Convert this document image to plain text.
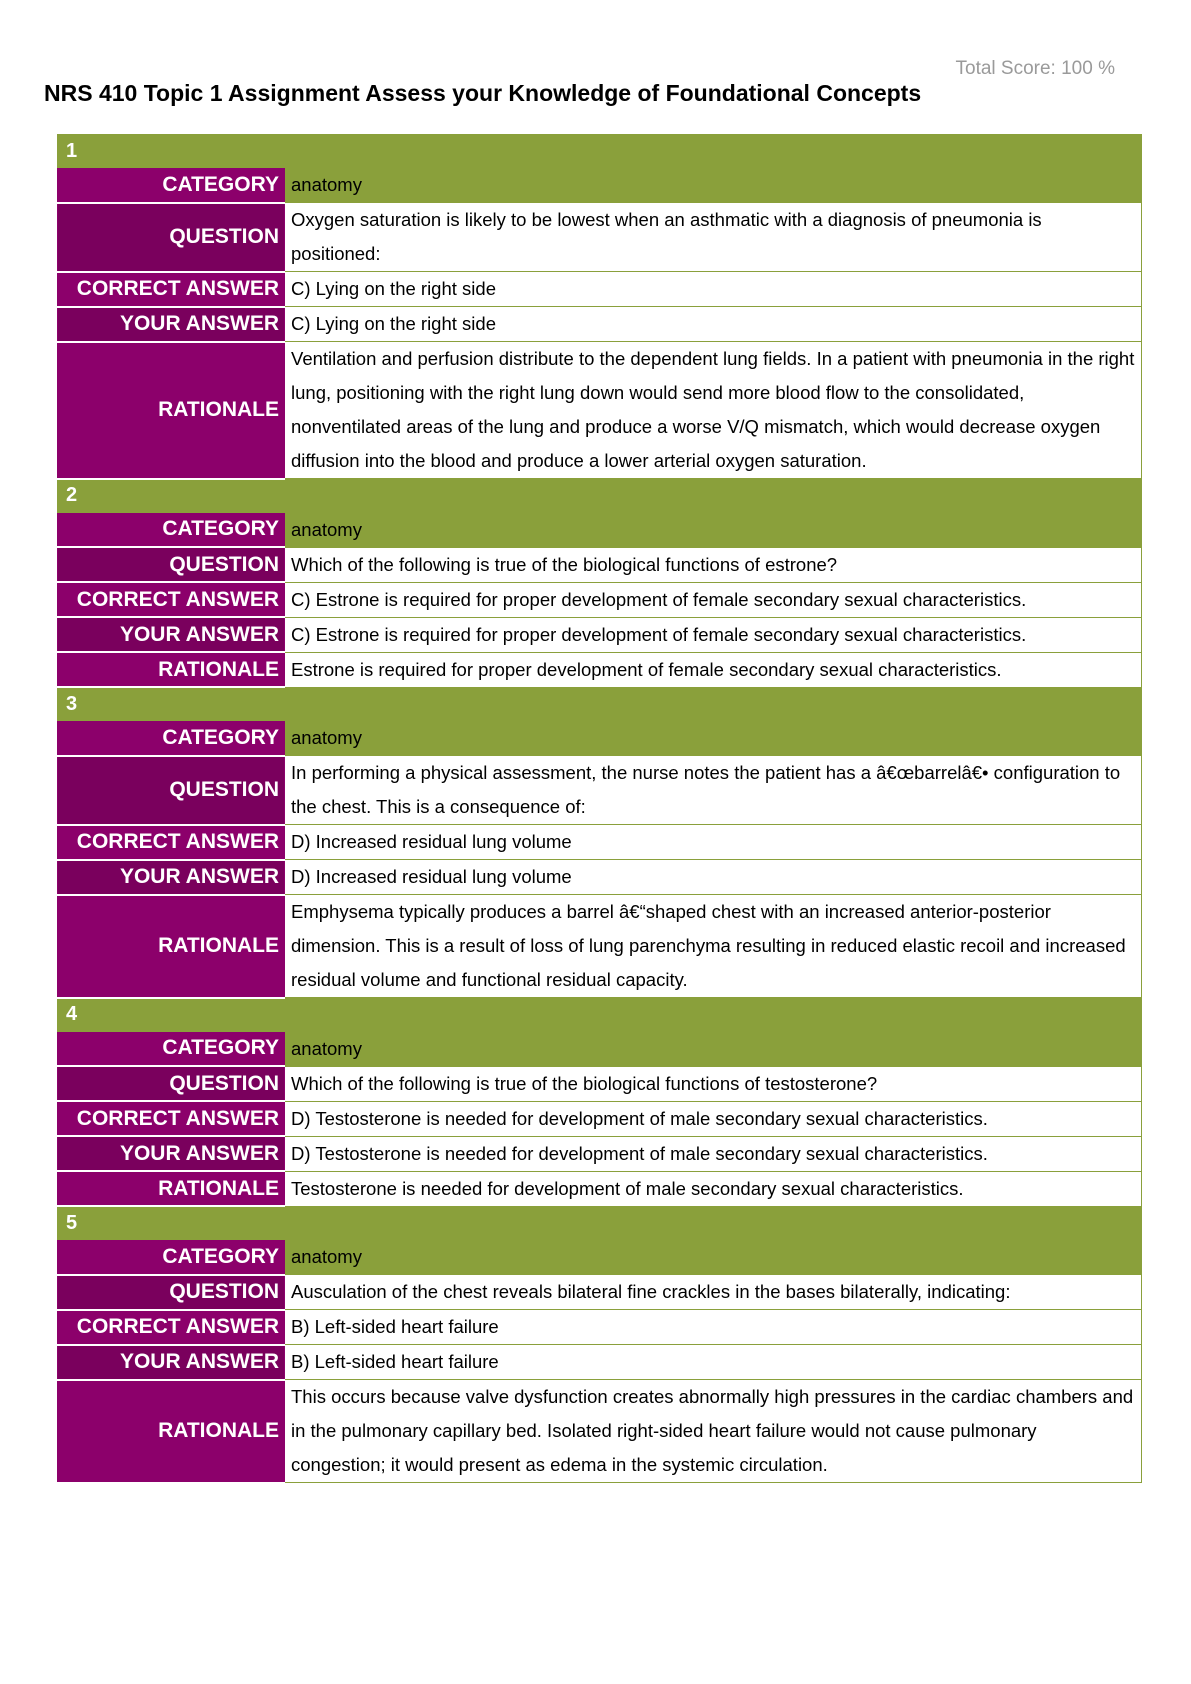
Total Score: 100 %
NRS 410 Topic 1 Assignment Assess your Knowledge of Foundational Concepts
1	
CATEGORY	anatomy
QUESTION	Oxygen saturation is likely to be lowest when an asthmatic with a diagnosis of pneumonia is positioned:
CORRECT ANSWER	C) Lying on the right side
YOUR ANSWER	C) Lying on the right side
RATIONALE	Ventilation and perfusion distribute to the dependent lung fields. In a patient with pneumonia in the right lung, positioning with the right lung down would send more blood flow to the consolidated, nonventilated areas of the lung and produce a worse V/Q mismatch, which would decrease oxygen diffusion into the blood and produce a lower arterial oxygen saturation.
2	
CATEGORY	anatomy
QUESTION	Which of the following is true of the biological functions of estrone?
CORRECT ANSWER	C) Estrone is required for proper development of female secondary sexual characteristics.
YOUR ANSWER	C) Estrone is required for proper development of female secondary sexual characteristics.
RATIONALE	Estrone is required for proper development of female secondary sexual characteristics.
3	
CATEGORY	anatomy
QUESTION	In performing a physical assessment, the nurse notes the patient has a â€œbarrelâ€• configuration to the chest. This is a consequence of:
CORRECT ANSWER	D) Increased residual lung volume
YOUR ANSWER	D) Increased residual lung volume
RATIONALE	Emphysema typically produces a barrel â€“shaped chest with an increased anterior-posterior dimension. This is a result of loss of lung parenchyma resulting in reduced elastic recoil and increased residual volume and functional residual capacity.
4	
CATEGORY	anatomy
QUESTION	Which of the following is true of the biological functions of testosterone?
CORRECT ANSWER	D) Testosterone is needed for development of male secondary sexual characteristics.
YOUR ANSWER	D) Testosterone is needed for development of male secondary sexual characteristics.
RATIONALE	Testosterone is needed for development of male secondary sexual characteristics.
5	
CATEGORY	anatomy
QUESTION	Ausculation of the chest reveals bilateral fine crackles in the bases bilaterally, indicating:
CORRECT ANSWER	B) Left-sided heart failure
YOUR ANSWER	B) Left-sided heart failure
RATIONALE	This occurs because valve dysfunction creates abnormally high pressures in the cardiac chambers and in the pulmonary capillary bed. Isolated right-sided heart failure would not cause pulmonary congestion; it would present as edema in the systemic circulation.
